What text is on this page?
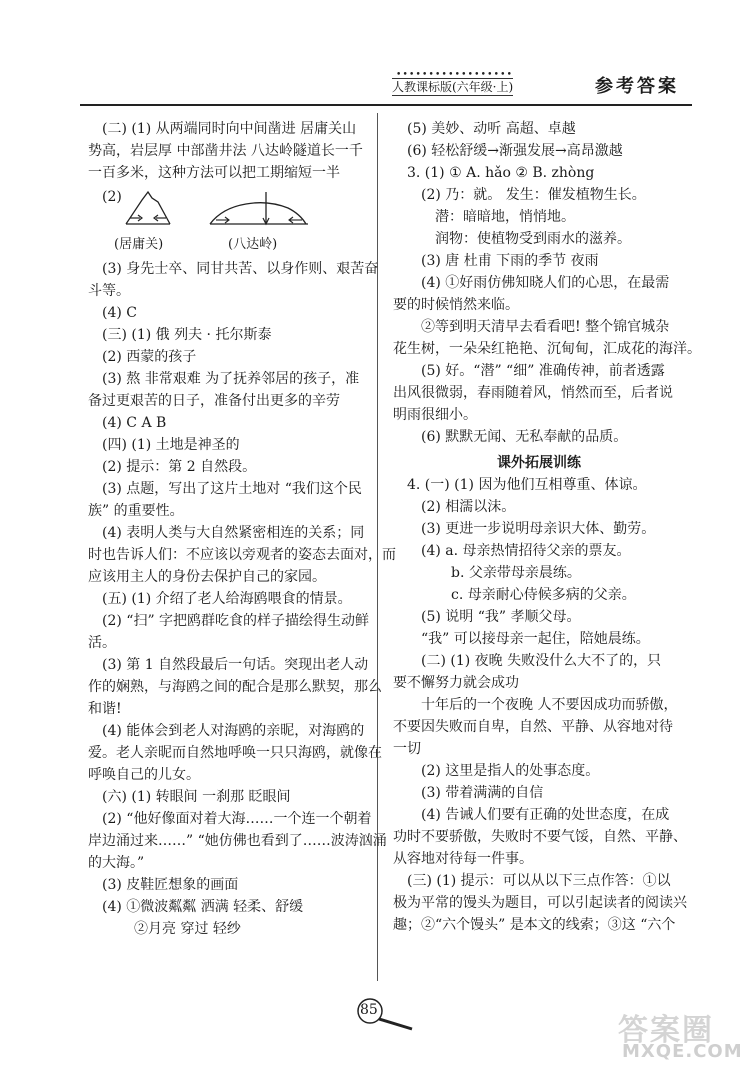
••••••••••••••••••
人教课标版(六年级·上)	参考答案
(二) (1) 从两端同时向中间凿进 居庸关山
势高，岩层厚 中部凿井法 八达岭隧道长一千
一百多米，这种方法可以把工期缩短一半
(2)
(居庸关)	(八达岭)
(3) 身先士卒、同甘共苦、以身作则、艰苦奋
斗等。
(4) C
(三) (1) 俄 列夫 · 托尔斯泰
(2) 西蒙的孩子
(3) 熬 非常艰难 为了抚养邻居的孩子，准
备过更艰苦的日子，准备付出更多的辛劳
(4) C A B
(四) (1) 土地是神圣的
(2) 提示：第 2 自然段。
(3) 点题，写出了这片土地对 “我们这个民
族” 的重要性。
(4) 表明人类与大自然紧密相连的关系；同
时也告诉人们：不应该以旁观者的姿态去面对，而
应该用主人的身份去保护自己的家园。
(五) (1) 介绍了老人给海鸥喂食的情景。
(2) “扫” 字把鸥群吃食的样子描绘得生动鲜
活。
(3) 第 1 自然段最后一句话。突现出老人动
作的娴熟，与海鸥之间的配合是那么默契，那么
和谐!
(4) 能体会到老人对海鸥的亲昵，对海鸥的
爱。老人亲昵而自然地呼唤一只只海鸥，就像在
呼唤自己的儿女。
(六) (1) 转眼间 一刹那 眨眼间
(2) “他好像面对着大海……一个连一个朝着
岸边涌过来……” “她仿佛也看到了……波涛汹涌
的大海。”
(3) 皮鞋匠想象的画面
(4) ①微波粼粼 洒满 轻柔、舒缓
②月亮 穿过 轻纱
(5) 美妙、动听 高超、卓越
(6) 轻松舒缓→渐强发展→高昂激越
3. (1) ① A. hǎo ② B. zhòng
(2) 乃：就。 发生：催发植物生长。
潜：暗暗地，悄悄地。
润物：使植物受到雨水的滋养。
(3) 唐 杜甫 下雨的季节 夜雨
(4) ①好雨仿佛知晓人们的心思，在最需
要的时候悄然来临。
②等到明天清早去看看吧! 整个锦官城杂
花生树，一朵朵红艳艳、沉甸甸，汇成花的海洋。
(5) 好。“潜” “细” 准确传神，前者透露
出风很微弱，春雨随着风，悄然而至，后者说
明雨很细小。
(6) 默默无闻、无私奉献的品质。
课外拓展训练
4. (一) (1) 因为他们互相尊重、体谅。
(2) 相濡以沫。
(3) 更进一步说明母亲识大体、勤劳。
(4) a. 母亲热情招待父亲的票友。
b. 父亲带母亲晨练。
c. 母亲耐心侍候多病的父亲。
(5) 说明 “我” 孝顺父母。
“我” 可以接母亲一起住，陪她晨练。
(二) (1) 夜晚 失败没什么大不了的，只
要不懈努力就会成功
十年后的一个夜晚 人不要因成功而骄傲，
不要因失败而自卑，自然、平静、从容地对待
一切
(2) 这里是指人的处事态度。
(3) 带着满满的自信
(4) 告诫人们要有正确的处世态度，在成
功时不要骄傲，失败时不要气馁，自然、平静、
从容地对待每一件事。
(三) (1) 提示：可以从以下三点作答：①以
极为平常的馒头为题目，可以引起读者的阅读兴
趣；②“六个馒头” 是本文的线索；③这 “六个
85
答案圈
MXQE.COM
